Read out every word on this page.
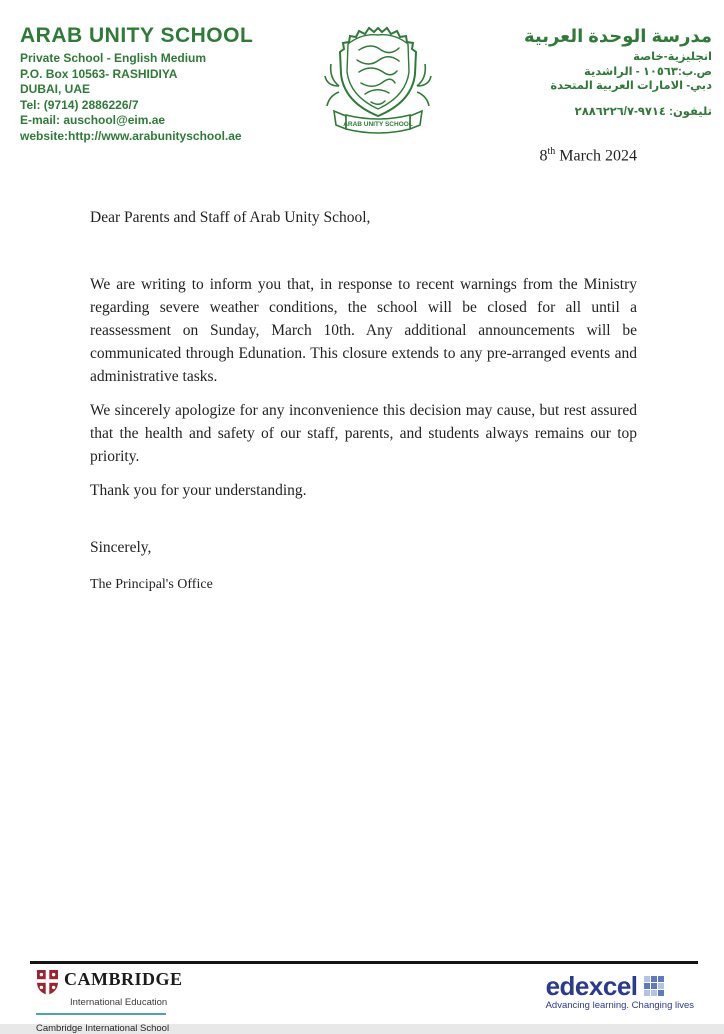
ARAB UNITY SCHOOL
Private School - English Medium
P.O. Box 10563- RASHIDIYA
DUBAI, UAE
Tel: (9714) 2886226/7
E-mail: auschool@eim.ae
website:http://www.arabunityschool.ae
ARAB UNITY SCHOOL
مدرسة الوحدة العربية
انجليزية-خاصة
ص.ب:١٠٥٦٣ - الراشدية
دبي- الامارات العربية المتحدة
تليفون: ٩٧١٤-٢٨٨٦٢٢٦/٧
8th March 2024

Dear Parents and Staff of Arab Unity School,

We are writing to inform you that, in response to recent warnings from the Ministry regarding severe weather conditions, the school will be closed for all until a reassessment on Sunday, March 10th. Any additional announcements will be communicated through Edunation. This closure extends to any pre-arranged events and administrative tasks.

We sincerely apologize for any inconvenience this decision may cause, but rest assured that the health and safety of our staff, parents, and students always remains our top priority.

Thank you for your understanding.

Sincerely,

The Principal's Office

CAMBRIDGE
International Education
Cambridge International School
edexcel
Advancing learning. Changing lives
